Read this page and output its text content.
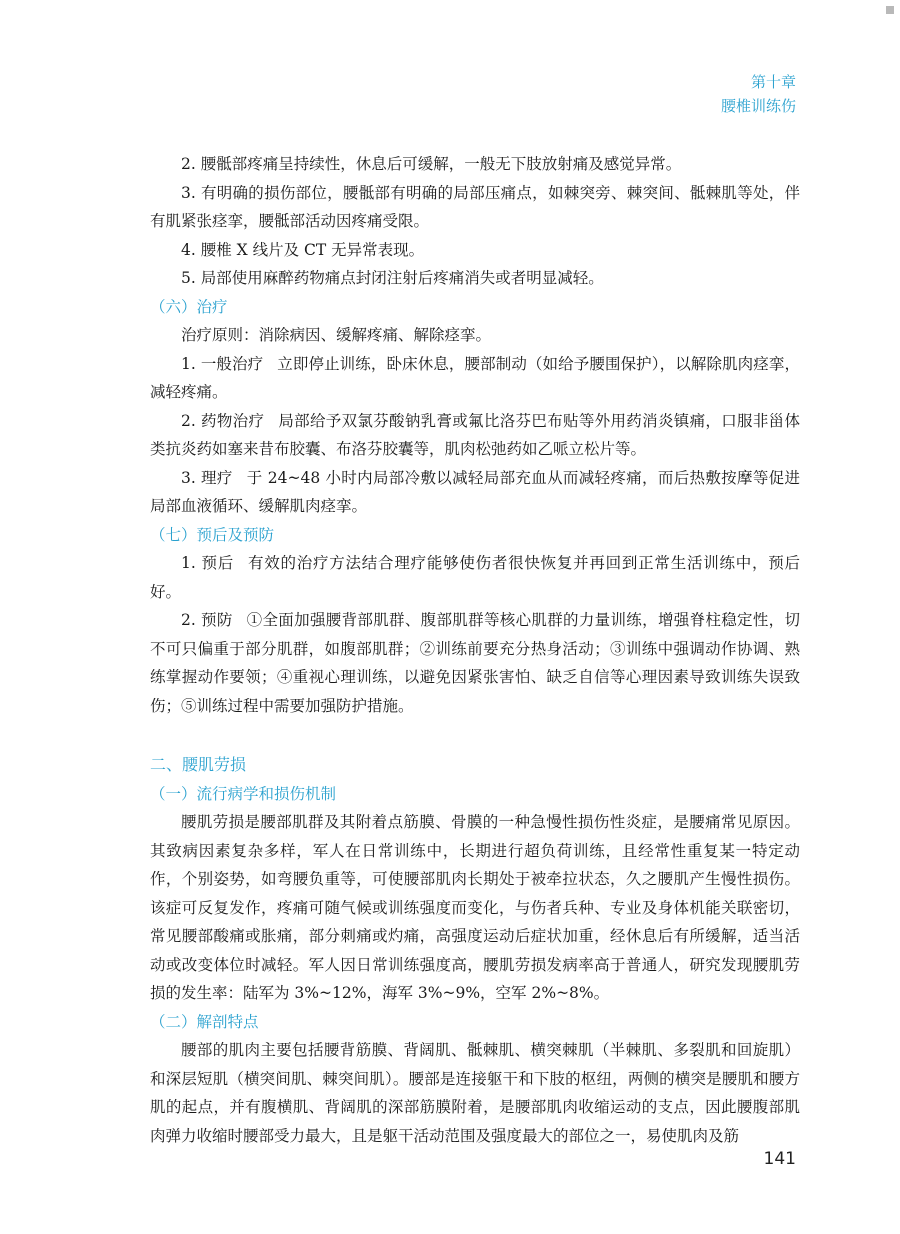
第十章
腰椎训练伤

2. 腰骶部疼痛呈持续性，休息后可缓解，一般无下肢放射痛及感觉异常。

3. 有明确的损伤部位，腰骶部有明确的局部压痛点，如棘突旁、棘突间、骶棘肌等处，伴有肌紧张痉挛，腰骶部活动因疼痛受限。

4. 腰椎 X 线片及 CT 无异常表现。

5. 局部使用麻醉药物痛点封闭注射后疼痛消失或者明显减轻。

（六）治疗

治疗原则：消除病因、缓解疼痛、解除痉挛。

1. 一般治疗 立即停止训练，卧床休息，腰部制动（如给予腰围保护），以解除肌肉痉挛，减轻疼痛。

2. 药物治疗 局部给予双氯芬酸钠乳膏或氟比洛芬巴布贴等外用药消炎镇痛，口服非甾体类抗炎药如塞来昔布胶囊、布洛芬胶囊等，肌肉松弛药如乙哌立松片等。

3. 理疗 于 24~48 小时内局部冷敷以减轻局部充血从而减轻疼痛，而后热敷按摩等促进局部血液循环、缓解肌肉痉挛。

（七）预后及预防

1. 预后 有效的治疗方法结合理疗能够使伤者很快恢复并再回到正常生活训练中，预后好。

2. 预防 ①全面加强腰背部肌群、腹部肌群等核心肌群的力量训练，增强脊柱稳定性，切不可只偏重于部分肌群，如腹部肌群；②训练前要充分热身活动；③训练中强调动作协调、熟练掌握动作要领；④重视心理训练，以避免因紧张害怕、缺乏自信等心理因素导致训练失误致伤；⑤训练过程中需要加强防护措施。

二、腰肌劳损

（一）流行病学和损伤机制

腰肌劳损是腰部肌群及其附着点筋膜、骨膜的一种急慢性损伤性炎症，是腰痛常见原因。其致病因素复杂多样，军人在日常训练中，长期进行超负荷训练，且经常性重复某一特定动作，个别姿势，如弯腰负重等，可使腰部肌肉长期处于被牵拉状态，久之腰肌产生慢性损伤。该症可反复发作，疼痛可随气候或训练强度而变化，与伤者兵种、专业及身体机能关联密切，常见腰部酸痛或胀痛，部分刺痛或灼痛，高强度运动后症状加重，经休息后有所缓解，适当活动或改变体位时减轻。军人因日常训练强度高，腰肌劳损发病率高于普通人，研究发现腰肌劳损的发生率：陆军为 3%~12%，海军 3%~9%，空军 2%~8%。

（二）解剖特点

腰部的肌肉主要包括腰背筋膜、背阔肌、骶棘肌、横突棘肌（半棘肌、多裂肌和回旋肌）和深层短肌（横突间肌、棘突间肌）。腰部是连接躯干和下肢的枢纽，两侧的横突是腰肌和腰方肌的起点，并有腹横肌、背阔肌的深部筋膜附着，是腰部肌肉收缩运动的支点，因此腰腹部肌肉弹力收缩时腰部受力最大，且是躯干活动范围及强度最大的部位之一，易使肌肉及筋

141
